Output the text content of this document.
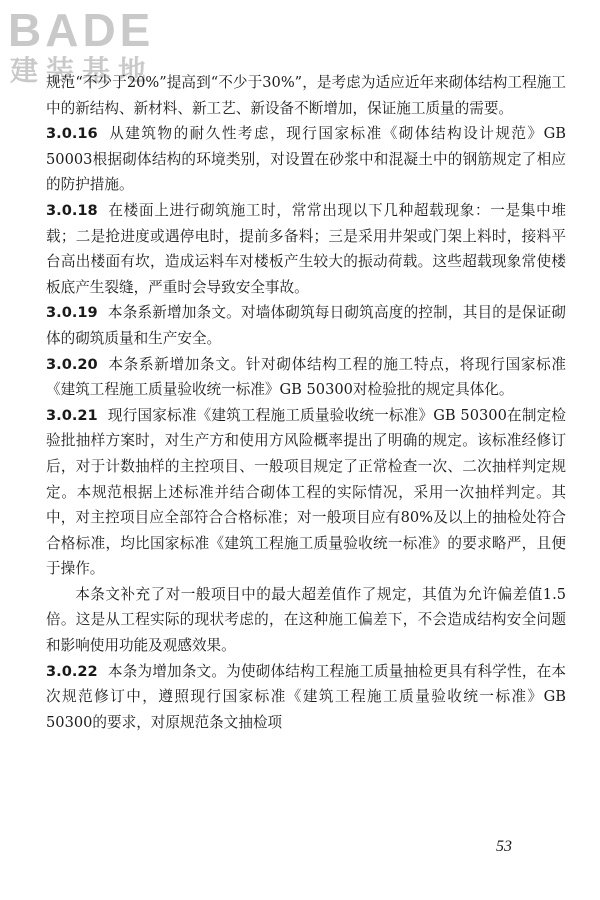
BADE
建装基地

规范“不少于20%”提高到“不少于30%”，是考虑为适应近年来砌体结构工程施工中的新结构、新材料、新工艺、新设备不断增加，保证施工质量的需要。

3.0.16 从建筑物的耐久性考虑，现行国家标准《砌体结构设计规范》GB 50003根据砌体结构的环境类别，对设置在砂浆中和混凝土中的钢筋规定了相应的防护措施。

3.0.18 在楼面上进行砌筑施工时，常常出现以下几种超载现象：一是集中堆载；二是抢进度或遇停电时，提前多备料；三是采用井架或门架上料时，接料平台高出楼面有坎，造成运料车对楼板产生较大的振动荷载。这些超载现象常使楼板底产生裂缝，严重时会导致安全事故。

3.0.19 本条系新增加条文。对墙体砌筑每日砌筑高度的控制，其目的是保证砌体的砌筑质量和生产安全。

3.0.20 本条系新增加条文。针对砌体结构工程的施工特点，将现行国家标准《建筑工程施工质量验收统一标准》GB 50300对检验批的规定具体化。

3.0.21 现行国家标准《建筑工程施工质量验收统一标准》GB 50300在制定检验批抽样方案时，对生产方和使用方风险概率提出了明确的规定。该标准经修订后，对于计数抽样的主控项目、一般项目规定了正常检查一次、二次抽样判定规定。本规范根据上述标准并结合砌体工程的实际情况，采用一次抽样判定。其中，对主控项目应全部符合合格标准；对一般项目应有80%及以上的抽检处符合合格标准，均比国家标准《建筑工程施工质量验收统一标准》的要求略严，且便于操作。

本条文补充了对一般项目中的最大超差值作了规定，其值为允许偏差值1.5倍。这是从工程实际的现状考虑的，在这种施工偏差下，不会造成结构安全问题和影响使用功能及观感效果。

3.0.22 本条为增加条文。为使砌体结构工程施工质量抽检更具有科学性，在本次规范修订中，遵照现行国家标准《建筑工程施工质量验收统一标准》GB 50300的要求，对原规范条文抽检项

53
